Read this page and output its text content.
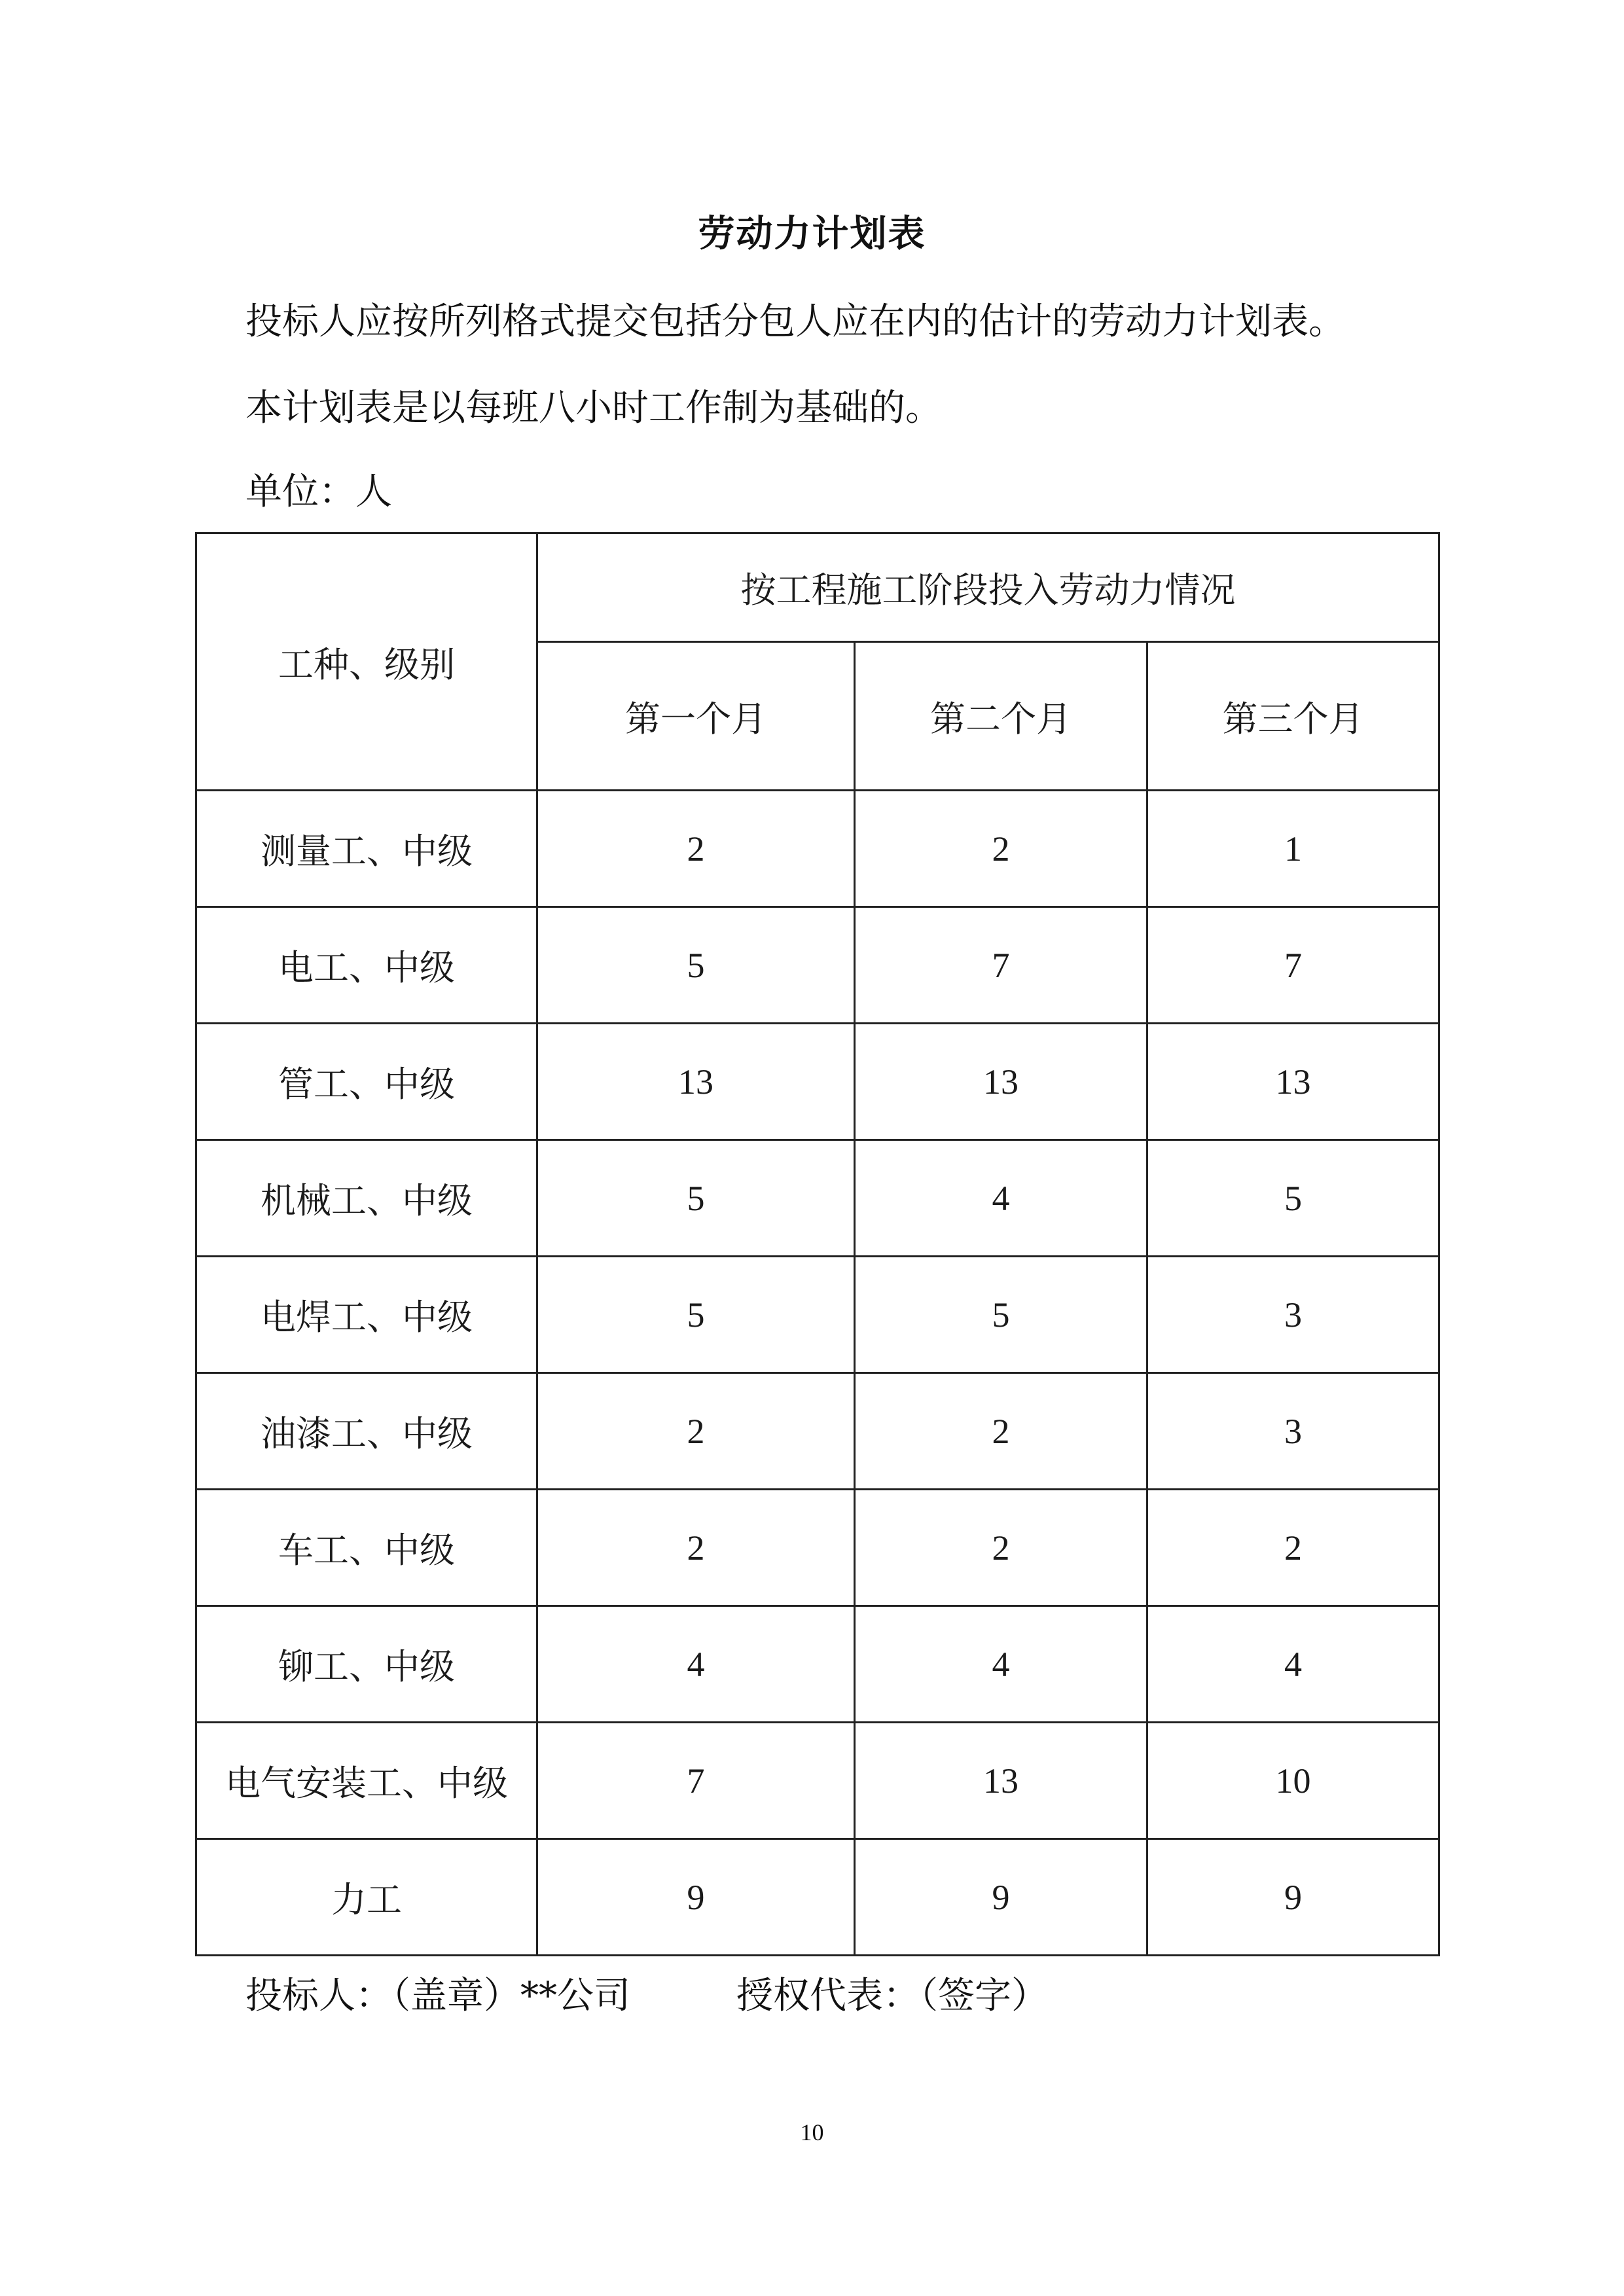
劳动力计划表
投标人应按所列格式提交包括分包人应在内的估计的劳动力计划表。
本计划表是以每班八小时工作制为基础的。
单位：人
工种、级别	按工程施工阶段投入劳动力情况		
	第一个月	第二个月	第三个月
测量工、中级	2	2	1
电工、中级	5	7	7
管工、中级	13	13	13
机械工、中级	5	4	5
电焊工、中级	5	5	3
油漆工、中级	2	2	3
车工、中级	2	2	2
铆工、中级	4	4	4
电气安装工、中级	7	13	10
力工	9	9	9
投标人：（盖章）**公司	授权代表：（签字）
10
